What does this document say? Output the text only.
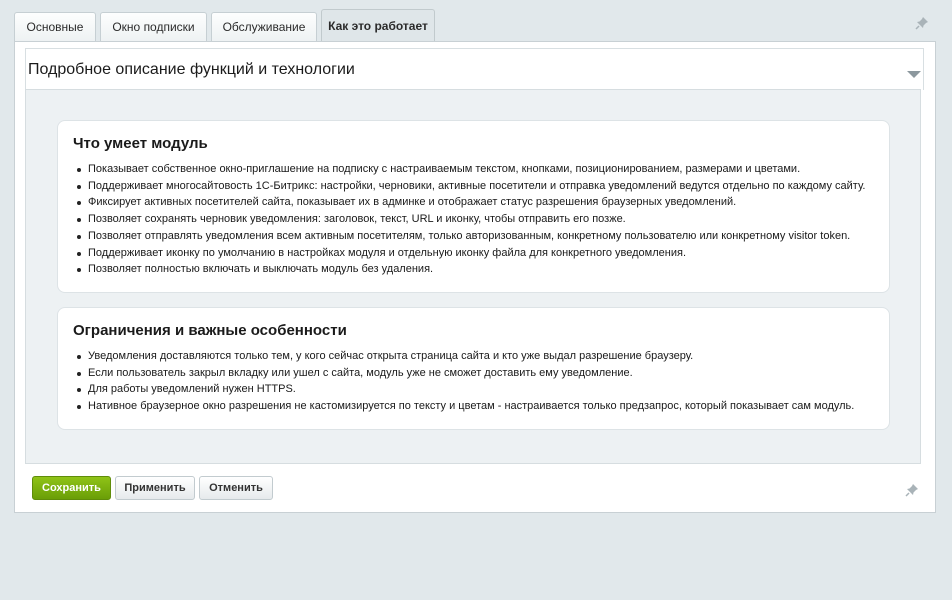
Основные	Окно подписки	Обслуживание	Как это работает
Подробное описание функций и технологии
Что умеет модуль
Показывает собственное окно-приглашение на подписку с настраиваемым текстом, кнопками, позиционированием, размерами и цветами.
Поддерживает многосайтовость 1С-Битрикс: настройки, черновики, активные посетители и отправка уведомлений ведутся отдельно по каждому сайту.
Фиксирует активных посетителей сайта, показывает их в админке и отображает статус разрешения браузерных уведомлений.
Позволяет сохранять черновик уведомления: заголовок, текст, URL и иконку, чтобы отправить его позже.
Позволяет отправлять уведомления всем активным посетителям, только авторизованным, конкретному пользователю или конкретному visitor token.
Поддерживает иконку по умолчанию в настройках модуля и отдельную иконку файла для конкретного уведомления.
Позволяет полностью включать и выключать модуль без удаления.
Ограничения и важные особенности
Уведомления доставляются только тем, у кого сейчас открыта страница сайта и кто уже выдал разрешение браузеру.
Если пользователь закрыл вкладку или ушел с сайта, модуль уже не сможет доставить ему уведомление.
Для работы уведомлений нужен HTTPS.
Нативное браузерное окно разрешения не кастомизируется по тексту и цветам - настраивается только предзапрос, который показывает сам модуль.
Сохранить	Применить	Отменить
